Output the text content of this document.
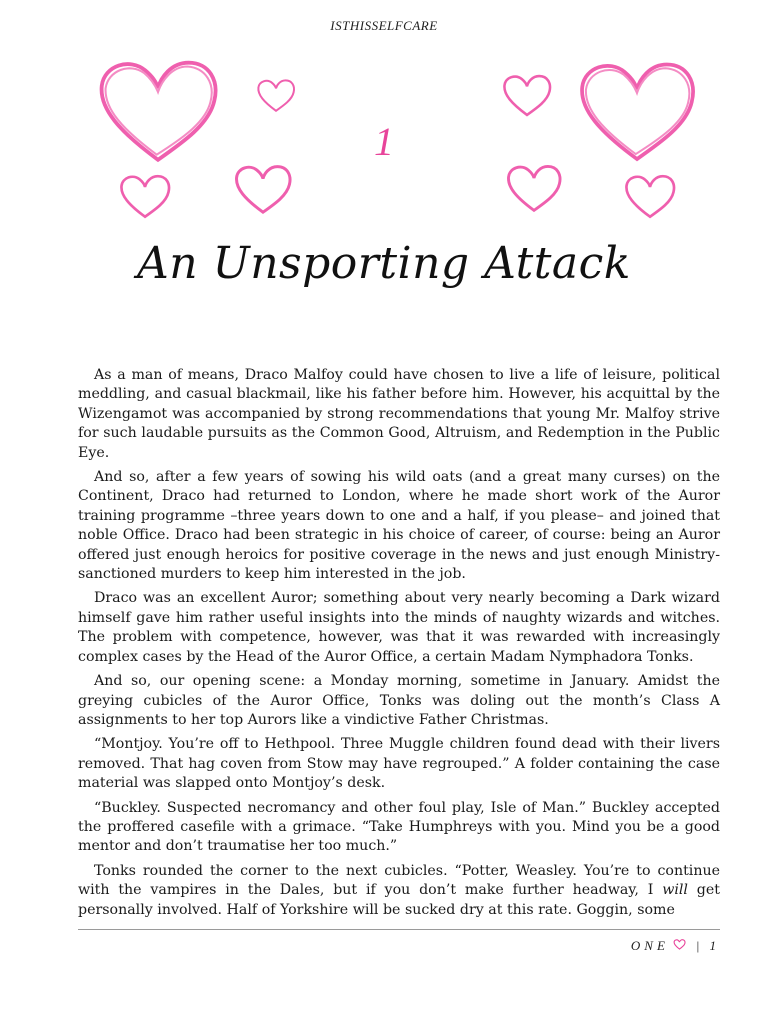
ISTHISSELFCARE
1
An Unsporting Attack

As a man of means, Draco Malfoy could have chosen to live a life of leisure, political meddling, and casual blackmail, like his father before him. However, his acquittal by the Wizengamot was accompanied by strong recommendations that young Mr. Malfoy strive for such laudable pursuits as the Common Good, Altruism, and Redemption in the Public Eye.

And so, after a few years of sowing his wild oats (and a great many curses) on the Continent, Draco had returned to London, where he made short work of the Auror training programme –three years down to one and a half, if you please– and joined that noble Office. Draco had been strategic in his choice of career, of course: being an Auror offered just enough heroics for positive coverage in the news and just enough Ministry-sanctioned murders to keep him interested in the job.

Draco was an excellent Auror; something about very nearly becoming a Dark wizard himself gave him rather useful insights into the minds of naughty wizards and witches. The problem with competence, however, was that it was rewarded with increasingly complex cases by the Head of the Auror Office, a certain Madam Nymphadora Tonks.

And so, our opening scene: a Monday morning, sometime in January. Amidst the greying cubicles of the Auror Office, Tonks was doling out the month’s Class A assignments to her top Aurors like a vindictive Father Christmas.

“Montjoy. You’re off to Hethpool. Three Muggle children found dead with their livers removed. That hag coven from Stow may have regrouped.” A folder containing the case material was slapped onto Montjoy’s desk.

“Buckley. Suspected necromancy and other foul play, Isle of Man.” Buckley accepted the proffered casefile with a grimace. “Take Humphreys with you. Mind you be a good mentor and don’t traumatise her too much.”

Tonks rounded the corner to the next cubicles. “Potter, Weasley. You’re to continue with the vampires in the Dales, but if you don’t make further headway, I will get personally involved. Half of Yorkshire will be sucked dry at this rate. Goggin, some

ONE | 1
